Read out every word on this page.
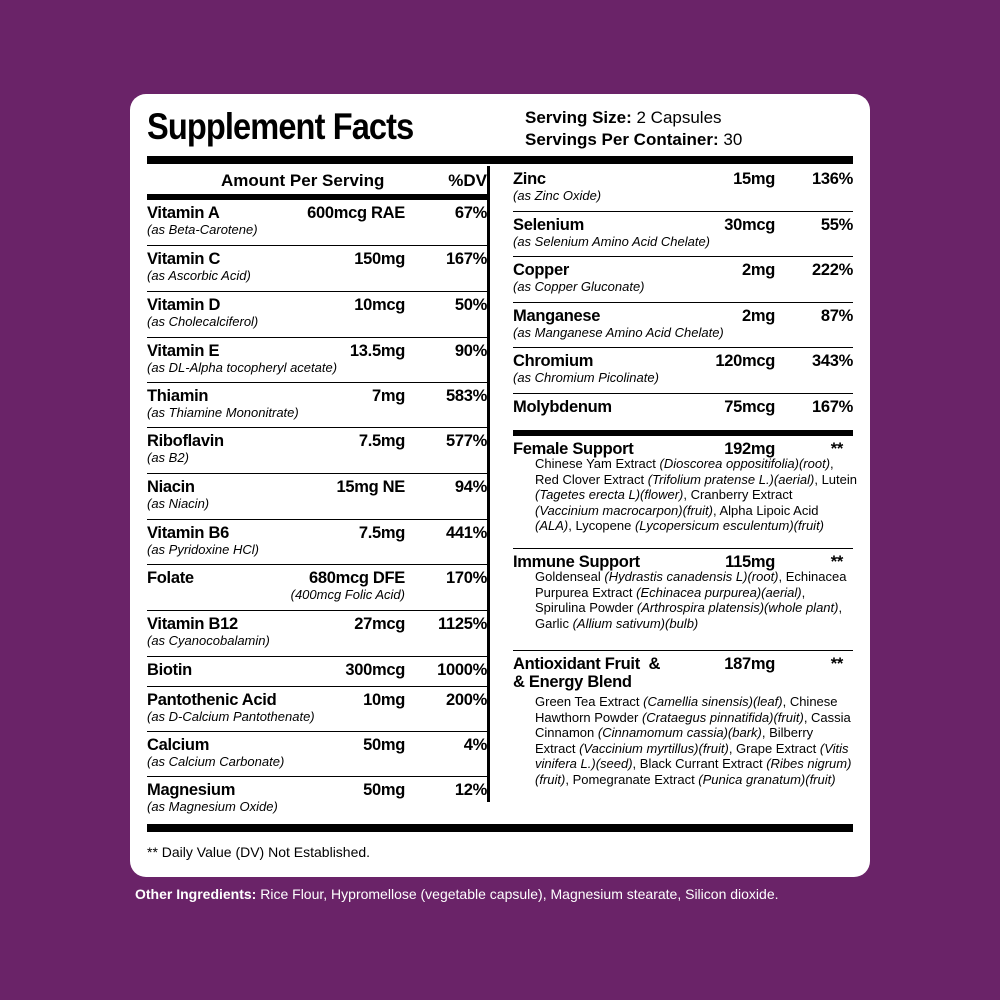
Supplement Facts	Serving Size: 2 Capsules
Servings Per Container: 30
Amount Per Serving	%DV
Vitamin A	600mcg RAE	67%
(as Beta-Carotene)
Vitamin C	150mg 167%
(as Ascorbic Acid)
Vitamin D	10mcg	50%
(as Cholecalciferol)
Vitamin E	13.5mg	90%
(as DL-Alpha tocopheryl acetate)
Thiamin	7mg 583%
(as Thiamine Mononitrate)
Riboflavin	7.5mg 577%
(as B2)
Niacin	15mg NE	94%
(as Niacin)
Vitamin B6	7.5mg 441%
(as Pyridoxine HCl)
Folate	680mcg DFE 170%
(400mcg Folic Acid)
Vitamin B12	27mcg 1125%
(as Cyanocobalamin)
Biotin	300mcg 1000%
Pantothenic Acid	10mg 200%
(as D-Calcium Pantothenate)
Calcium	50mg	4%
(as Calcium Carbonate)
Magnesium	50mg	12%
(as Magnesium Oxide)
Zinc	15mg 136%
(as Zinc Oxide)
Selenium	30mcg	55%
(as Selenium Amino Acid Chelate)
Copper	2mg 222%
(as Copper Gluconate)
Manganese	2mg	87%
(as Manganese Amino Acid Chelate)
Chromium	120mcg 343%
(as Chromium Picolinate)
Molybdenum	75mcg 167%
Female Support	192mg	**
Chinese Yam Extract (Dioscorea oppositifolia)(root), Red Clover Extract (Trifolium pratense L.)(aerial), Lutein (Tagetes erecta L)(flower), Cranberry Extract (Vaccinium macrocarpon)(fruit), Alpha Lipoic Acid (ALA), Lycopene (Lycopersicum esculentum)(fruit)
Immune Support	115mg	**
Goldenseal (Hydrastis canadensis L)(root), Echinacea Purpurea Extract (Echinacea purpurea)(aerial), Spirulina Powder (Arthrospira platensis)(whole plant), Garlic (Allium sativum)(bulb)
Antioxidant Fruit  &
& Energy Blend
187mg	**
Green Tea Extract (Camellia sinensis)(leaf), Chinese Hawthorn Powder (Crataegus pinnatifida)(fruit), Cassia Cinnamon (Cinnamomum cassia)(bark), Bilberry Extract (Vaccinium myrtillus)(fruit), Grape Extract (Vitis vinifera L.)(seed), Black Currant Extract (Ribes nigrum)(fruit), Pomegranate Extract (Punica granatum)(fruit)
** Daily Value (DV) Not Established.
Other Ingredients: Rice Flour, Hypromellose (vegetable capsule), Magnesium stearate, Silicon dioxide.
